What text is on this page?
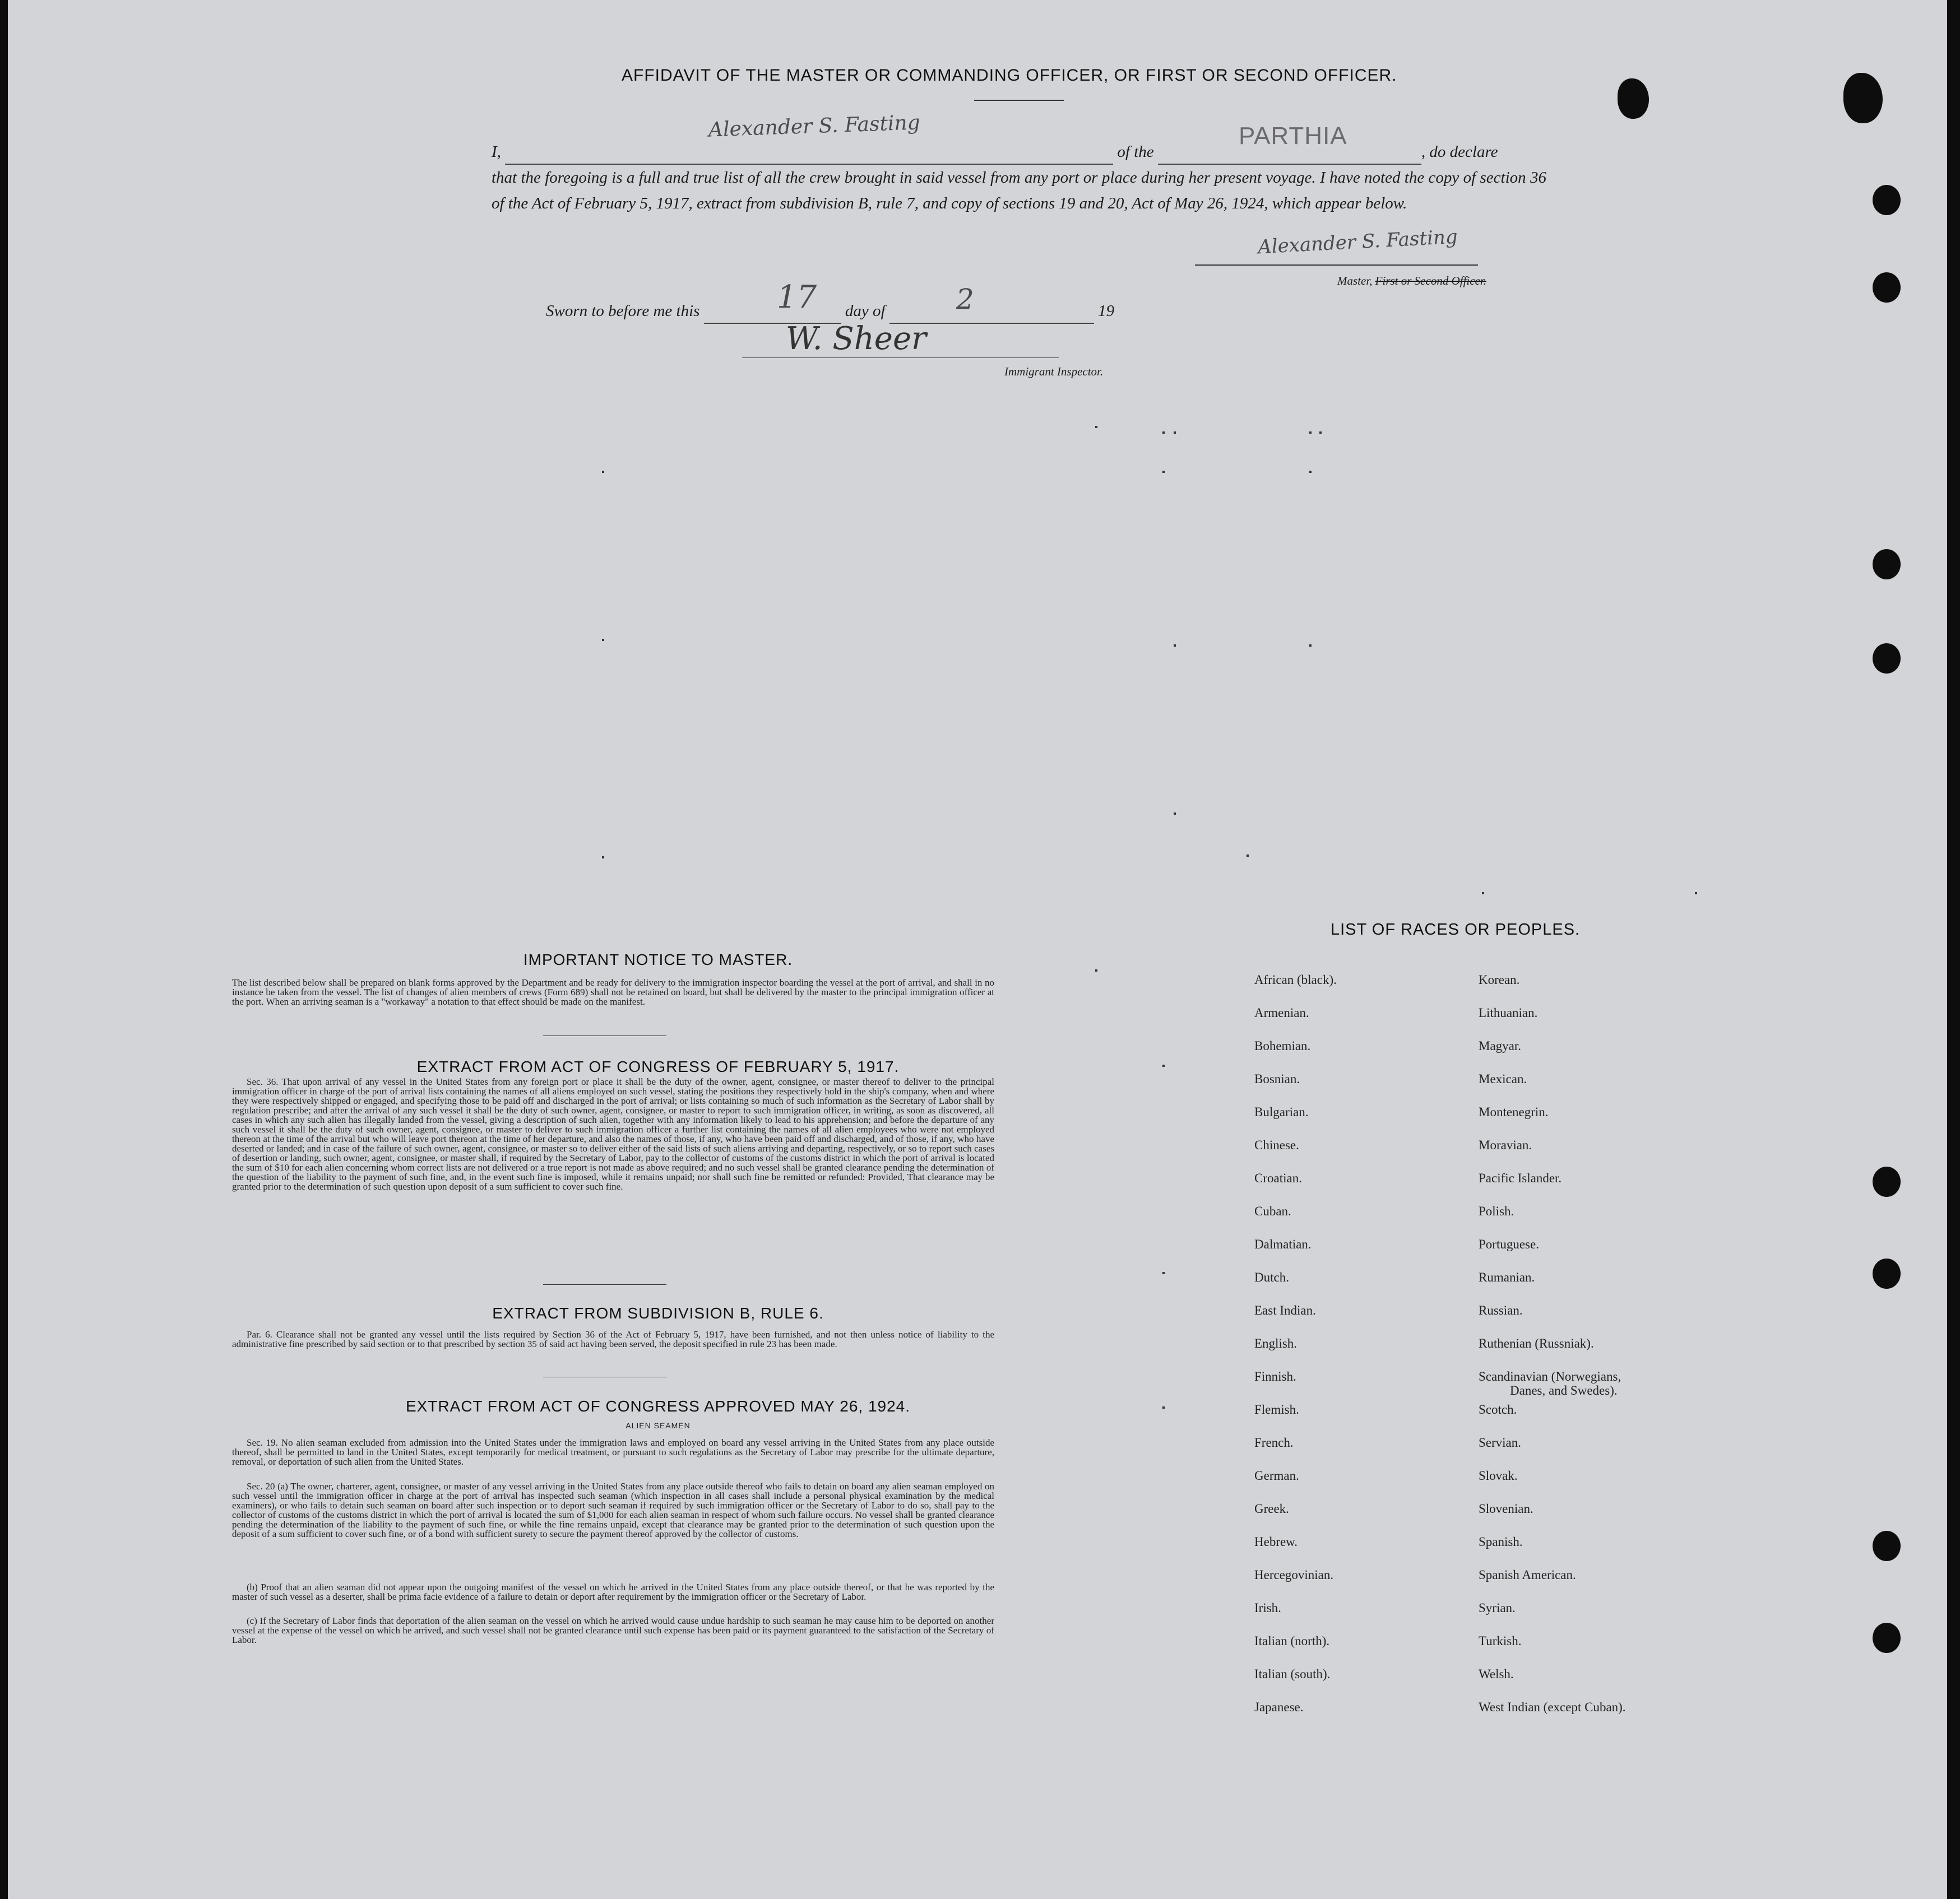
AFFIDAVIT OF THE MASTER OR COMMANDING OFFICER, OR FIRST OR SECOND OFFICER.
I,	of the	, do declare
Alexander S. Fasting	PARTHIA
that the foregoing is a full and true list of all the crew brought in said vessel from any port or place during her present voyage. I have noted the copy of section 36 of the Act of February 5, 1917, extract from subdivision B, rule 7, and copy of sections 19 and 20, Act of May 26, 1924, which appear below.
Alexander S. Fasting
Master, First or Second Officer.
Sworn to before me this	day of	19
17	2
W. Sheer
Immigrant Inspector.
IMPORTANT NOTICE TO MASTER.
The list described below shall be prepared on blank forms approved by the Department and be ready for delivery to the immigration inspector boarding the vessel at the port of arrival, and shall in no instance be taken from the vessel. The list of changes of alien members of crews (Form 689) shall not be retained on board, but shall be delivered by the master to the principal immigration officer at the port. When an arriving seaman is a "workaway" a notation to that effect should be made on the manifest.
EXTRACT FROM ACT OF CONGRESS OF FEBRUARY 5, 1917.
Sec. 36. That upon arrival of any vessel in the United States from any foreign port or place it shall be the duty of the owner, agent, consignee, or master thereof to deliver to the principal immigration officer in charge of the port of arrival lists containing the names of all aliens employed on such vessel, stating the positions they respectively hold in the ship's company, when and where they were respectively shipped or engaged, and specifying those to be paid off and discharged in the port of arrival; or lists containing so much of such information as the Secretary of Labor shall by regulation prescribe; and after the arrival of any such vessel it shall be the duty of such owner, agent, consignee, or master to report to such immigration officer, in writing, as soon as discovered, all cases in which any such alien has illegally landed from the vessel, giving a description of such alien, together with any information likely to lead to his apprehension; and before the departure of any such vessel it shall be the duty of such owner, agent, consignee, or master to deliver to such immigration officer a further list containing the names of all alien employees who were not employed thereon at the time of the arrival but who will leave port thereon at the time of her departure, and also the names of those, if any, who have been paid off and discharged, and of those, if any, who have deserted or landed; and in case of the failure of such owner, agent, consignee, or master so to deliver either of the said lists of such aliens arriving and departing, respectively, or so to report such cases of desertion or landing, such owner, agent, consignee, or master shall, if required by the Secretary of Labor, pay to the collector of customs of the customs district in which the port of arrival is located the sum of $10 for each alien concerning whom correct lists are not delivered or a true report is not made as above required; and no such vessel shall be granted clearance pending the determination of the question of the liability to the payment of such fine, and, in the event such fine is imposed, while it remains unpaid; nor shall such fine be remitted or refunded: Provided, That clearance may be granted prior to the determination of such question upon deposit of a sum sufficient to cover such fine.
EXTRACT FROM SUBDIVISION B, RULE 6.
Par. 6. Clearance shall not be granted any vessel until the lists required by Section 36 of the Act of February 5, 1917, have been furnished, and not then unless notice of liability to the administrative fine prescribed by said section or to that prescribed by section 35 of said act having been served, the deposit specified in rule 23 has been made.
EXTRACT FROM ACT OF CONGRESS APPROVED MAY 26, 1924.
ALIEN SEAMEN
Sec. 19. No alien seaman excluded from admission into the United States under the immigration laws and employed on board any vessel arriving in the United States from any place outside thereof, shall be permitted to land in the United States, except temporarily for medical treatment, or pursuant to such regulations as the Secretary of Labor may prescribe for the ultimate departure, removal, or deportation of such alien from the United States.
Sec. 20 (a) The owner, charterer, agent, consignee, or master of any vessel arriving in the United States from any place outside thereof who fails to detain on board any alien seaman employed on such vessel until the immigration officer in charge at the port of arrival has inspected such seaman (which inspection in all cases shall include a personal physical examination by the medical examiners), or who fails to detain such seaman on board after such inspection or to deport such seaman if required by such immigration officer or the Secretary of Labor to do so, shall pay to the collector of customs of the customs district in which the port of arrival is located the sum of $1,000 for each alien seaman in respect of whom such failure occurs. No vessel shall be granted clearance pending the determination of the liability to the payment of such fine, or while the fine remains unpaid, except that clearance may be granted prior to the determination of such question upon the deposit of a sum sufficient to cover such fine, or of a bond with sufficient surety to secure the payment thereof approved by the collector of customs.
(b) Proof that an alien seaman did not appear upon the outgoing manifest of the vessel on which he arrived in the United States from any place outside thereof, or that he was reported by the master of such vessel as a deserter, shall be prima facie evidence of a failure to detain or deport after requirement by the immigration officer or the Secretary of Labor.
(c) If the Secretary of Labor finds that deportation of the alien seaman on the vessel on which he arrived would cause undue hardship to such seaman he may cause him to be deported on another vessel at the expense of the vessel on which he arrived, and such vessel shall not be granted clearance until such expense has been paid or its payment guaranteed to the satisfaction of the Secretary of Labor.
LIST OF RACES OR PEOPLES.
African (black).
Armenian.
Bohemian.
Bosnian.
Bulgarian.
Chinese.
Croatian.
Cuban.
Dalmatian.
Dutch.
East Indian.
English.
Finnish.
Flemish.
French.
German.
Greek.
Hebrew.
Hercegovinian.
Irish.
Italian (north).
Italian (south).
Japanese.
Korean.
Lithuanian.
Magyar.
Mexican.
Montenegrin.
Moravian.
Pacific Islander.
Polish.
Portuguese.
Rumanian.
Russian.
Ruthenian (Russniak).
Scandinavian (Norwegians,
Danes, and Swedes).
Scotch.
Servian.
Slovak.
Slovenian.
Spanish.
Spanish American.
Syrian.
Turkish.
Welsh.
West Indian (except Cuban).
